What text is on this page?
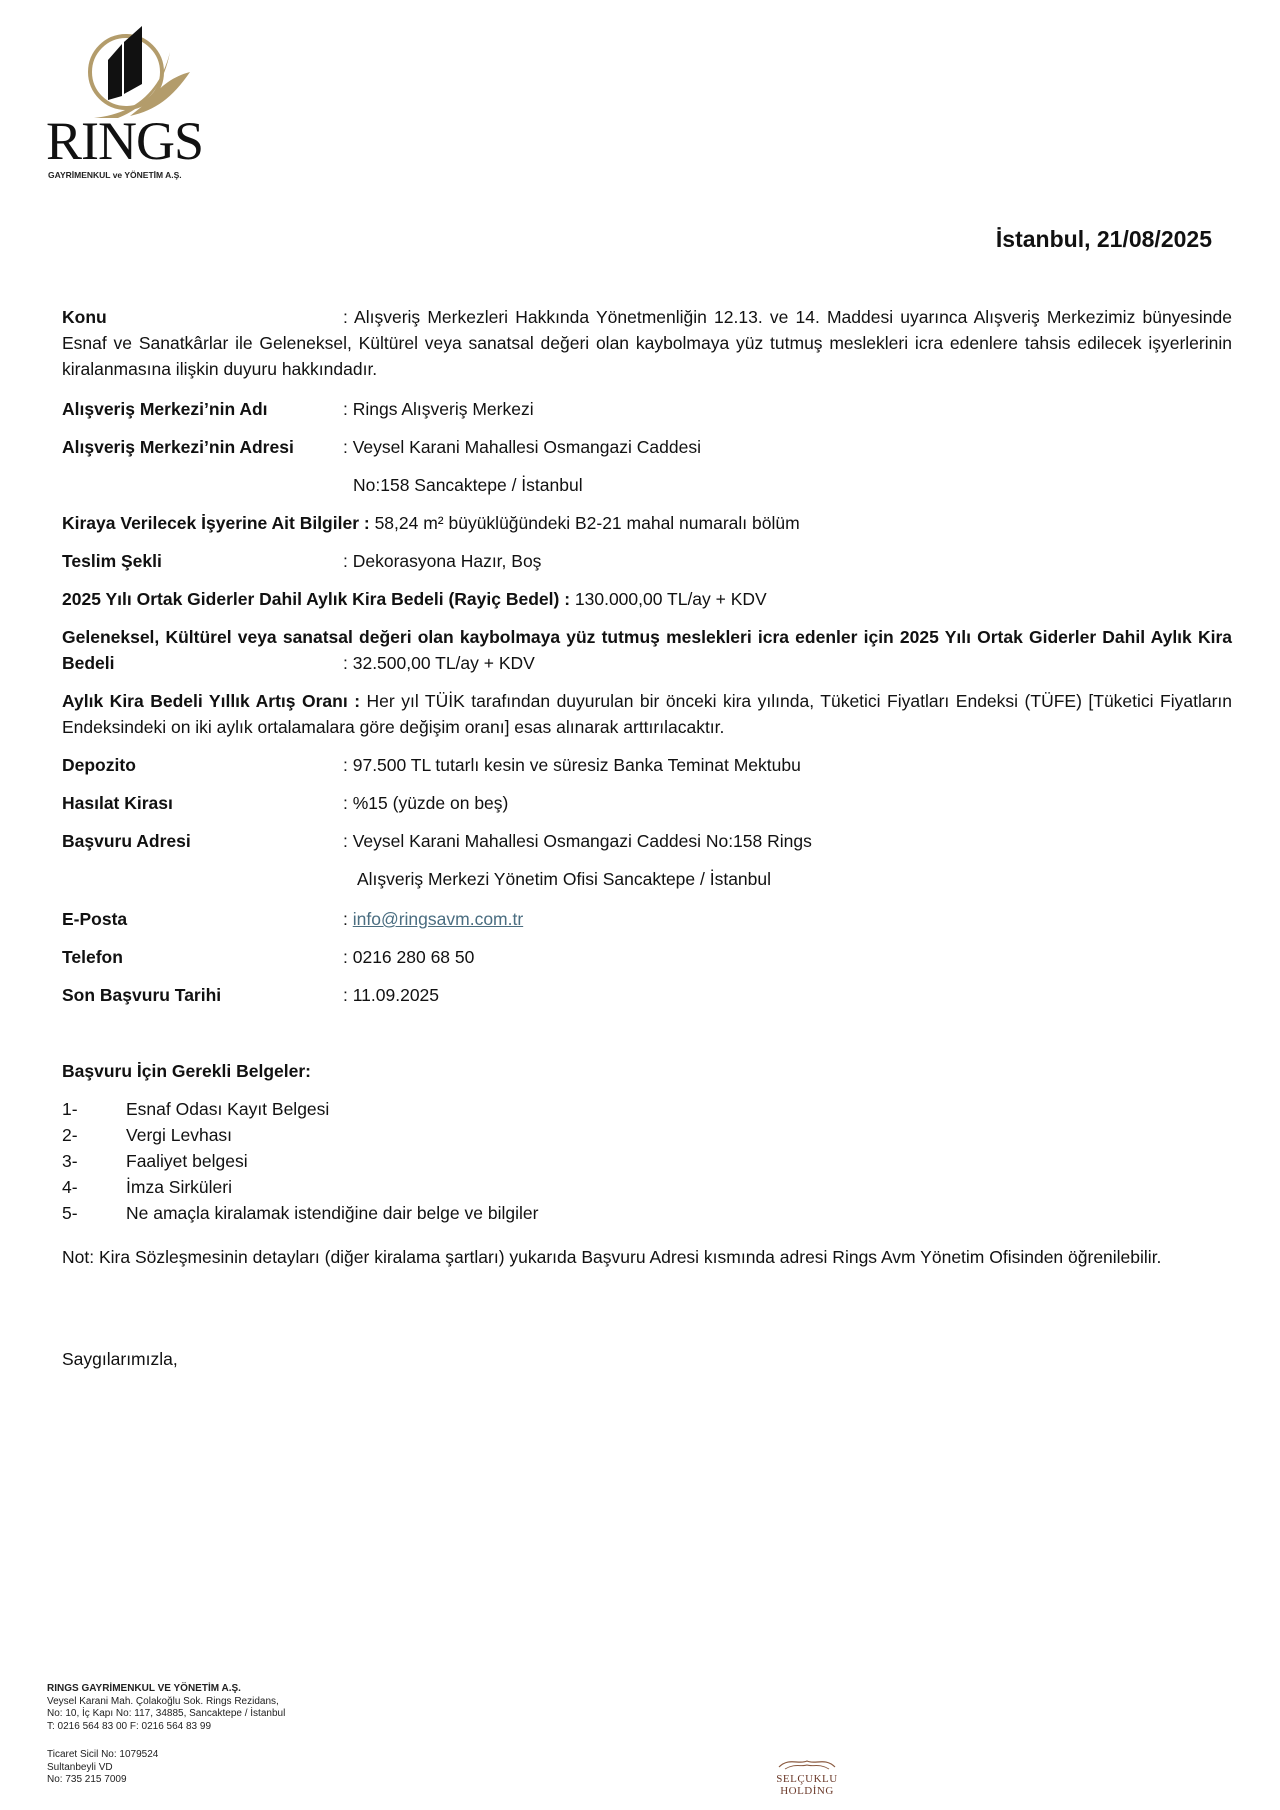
RINGS
GAYRİMENKUL ve YÖNETİM A.Ş.
İstanbul, 21/08/2025
Konu	: Alışveriş Merkezleri Hakkında Yönetmenliğin 12.13. ve 14. Maddesi uyarınca Alışveriş Merkezimiz bünyesinde Esnaf ve Sanatkârlar ile Geleneksel, Kültürel veya sanatsal değeri olan kaybolmaya yüz tutmuş meslekleri icra edenlere tahsis edilecek işyerlerinin kiralanmasına ilişkin duyuru hakkındadır.
Alışveriş Merkezi’nin Adı	: Rings Alışveriş Merkezi
Alışveriş Merkezi’nin Adresi	: Veysel Karani Mahallesi Osmangazi Caddesi
No:158 Sancaktepe / İstanbul
Kiraya Verilecek İşyerine Ait Bilgiler : 58,24 m² büyüklüğündeki B2-21 mahal numaralı bölüm
Teslim Şekli	: Dekorasyona Hazır, Boş
2025 Yılı Ortak Giderler Dahil Aylık Kira Bedeli (Rayiç Bedel) : 130.000,00 TL/ay + KDV
Geleneksel, Kültürel veya sanatsal değeri olan kaybolmaya yüz tutmuş meslekleri icra edenler için 2025 Yılı Ortak Giderler Dahil Aylık Kira Bedeli	: 32.500,00 TL/ay + KDV
Aylık Kira Bedeli Yıllık Artış Oranı : Her yıl TÜİK tarafından duyurulan bir önceki kira yılında, Tüketici Fiyatları Endeksi (TÜFE) [Tüketici Fiyatların Endeksindeki on iki aylık ortalamalara göre değişim oranı] esas alınarak arttırılacaktır.
Depozito	: 97.500 TL tutarlı kesin ve süresiz Banka Teminat Mektubu
Hasılat Kirası	: %15 (yüzde on beş)
Başvuru Adresi	: Veysel Karani Mahallesi Osmangazi Caddesi No:158 Rings
Alışveriş Merkezi Yönetim Ofisi Sancaktepe / İstanbul
E-Posta	: info@ringsavm.com.tr
Telefon	: 0216 280 68 50
Son Başvuru Tarihi	: 11.09.2025
Başvuru İçin Gerekli Belgeler:
1-	Esnaf Odası Kayıt Belgesi
2-	Vergi Levhası
3-	Faaliyet belgesi
4-	İmza Sirküleri
5-	Ne amaçla kiralamak istendiğine dair belge ve bilgiler
Not: Kira Sözleşmesinin detayları (diğer kiralama şartları) yukarıda Başvuru Adresi kısmında adresi Rings Avm Yönetim Ofisinden öğrenilebilir.
Saygılarımızla,
RINGS GAYRİMENKUL VE YÖNETİM A.Ş.
Veysel Karani Mah. Çolakoğlu Sok. Rings Rezidans,
No: 10, İç Kapı No: 117, 34885, Sancaktepe / İstanbul
T: 0216 564 83 00 F: 0216 564 83 99
Ticaret Sicil No: 1079524
Sultanbeyli VD
No: 735 215 7009	SELÇUKLU HOLDİNG
